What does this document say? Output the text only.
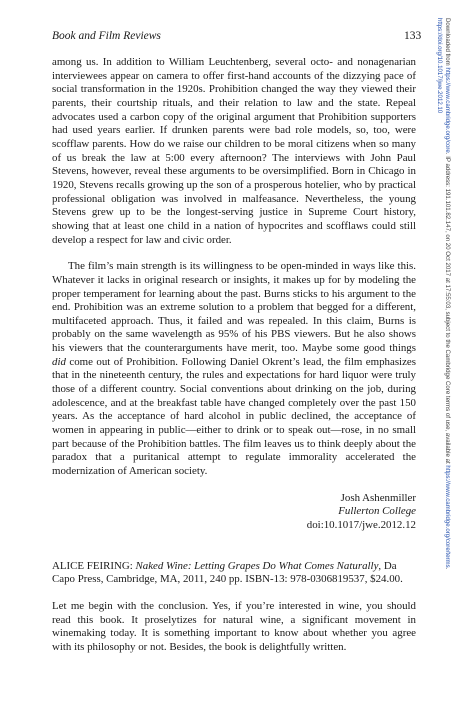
Book and Film Reviews	133

among us. In addition to William Leuchtenberg, several octo- and nonagenarian interviewees appear on camera to offer first-hand accounts of the dizzying pace of social transformation in the 1920s. Prohibition changed the way they viewed their parents, their courtship rituals, and their relation to law and the state. Repeal advocates used a carbon copy of the original argument that Prohibition supporters had used years earlier. If drunken parents were bad role models, so, too, were scofflaw parents. How do we raise our children to be moral citizens when so many of us break the law at 5:00 every afternoon? The interviews with John Paul Stevens, however, reveal these arguments to be oversimplified. Born in Chicago in 1920, Stevens recalls growing up the son of a prosperous hotelier, who by practical professional obligation was involved in malfeasance. Nevertheless, the young Stevens grew up to be the longest-serving justice in Supreme Court history, showing that at least one child in a nation of hypocrites and scofflaws could still develop a respect for law and civic order.

The film’s main strength is its willingness to be open-minded in ways like this. Whatever it lacks in original research or insights, it makes up for by modeling the proper temperament for learning about the past. Burns sticks to his argument to the end. Prohibition was an extreme solution to a problem that begged for a different, multifaceted approach. Thus, it failed and was repealed. In this claim, Burns is probably on the same wavelength as 95% of his PBS viewers. But he also shows his viewers that the counterarguments have merit, too. Maybe some good things did come out of Prohibition. Following Daniel Okrent’s lead, the film emphasizes that in the nineteenth century, the rules and expectations for hard liquor were truly those of a different country. Social conventions about drinking on the job, during adolescence, and at the breakfast table have changed completely over the past 150 years. As the acceptance of hard alcohol in public declined, the acceptance of women in appearing in public—either to drink or to speak out—rose, in no small part because of the Prohibition battles. The film leaves us to think deeply about the paradox that a puritanical attempt to regulate immorality accelerated the modernization of American society.

Josh Ashenmiller
Fullerton College
doi:10.1017/jwe.2012.12

ALICE FEIRING: Naked Wine: Letting Grapes Do What Comes Naturally, Da Capo Press, Cambridge, MA, 2011, 240 pp. ISBN-13: 978-0306819537, $24.00.

Let me begin with the conclusion. Yes, if you’re interested in wine, you should read this book. It proselytizes for natural wine, a significant movement in winemaking today. It is something important to know about whether you agree with its philosophy or not. Besides, the book is delightfully written.

Downloaded from https://www.cambridge.org/core. IP address: 191.101.82.147, on 20 Oct 2017 at 17:55:03, subject to the Cambridge Core terms of use, available at https://www.cambridge.org/core/terms.
https://doi.org/10.1017/jwe.2012.10
